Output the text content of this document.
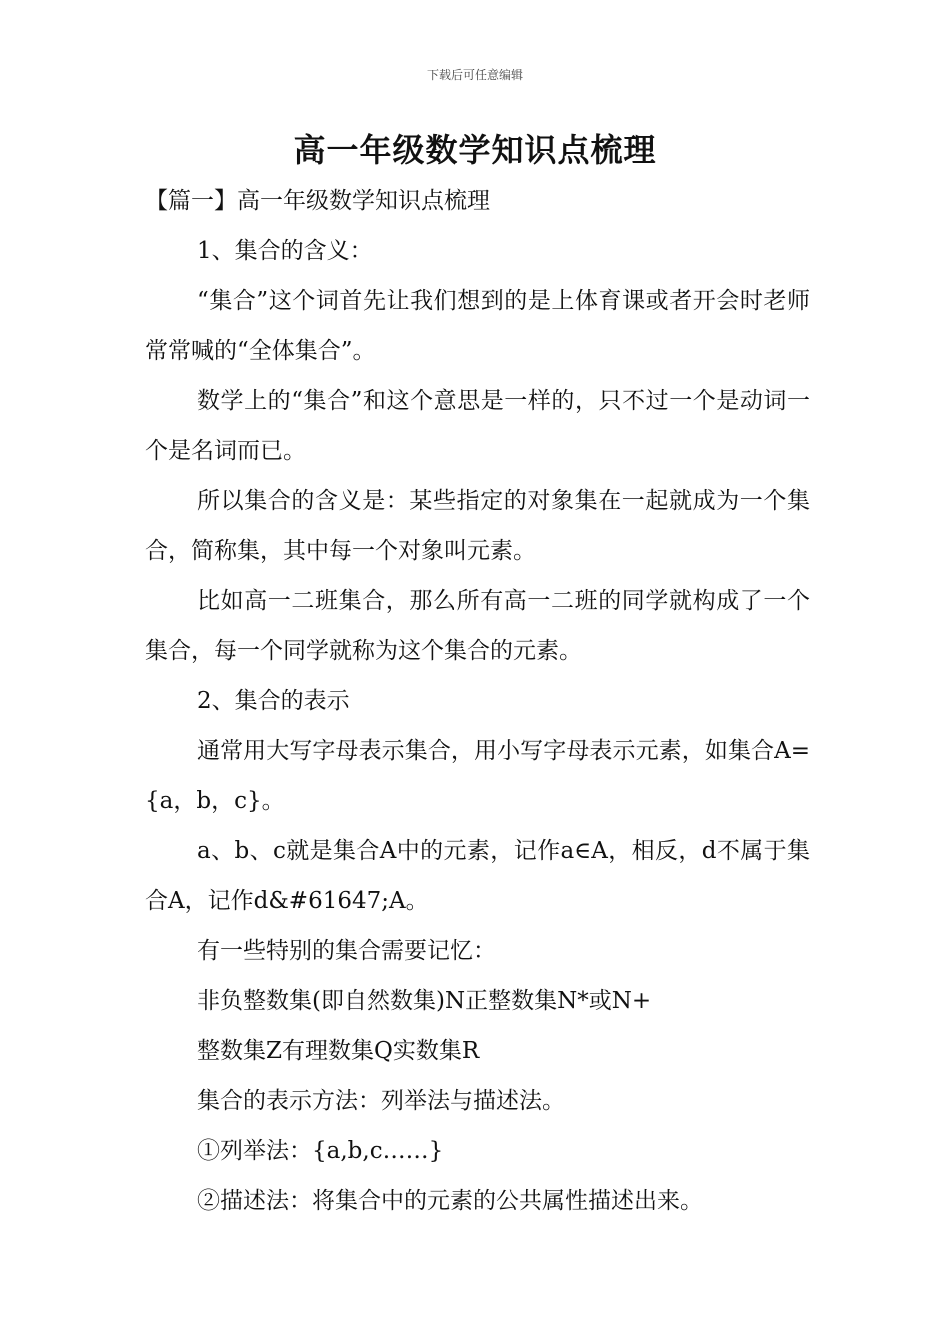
下载后可任意编辑
高一年级数学知识点梳理

【篇一】高一年级数学知识点梳理

1、集合的含义：

“集合”这个词首先让我们想到的是上体育课或者开会时老师常常喊的“全体集合”。

数学上的“集合”和这个意思是一样的，只不过一个是动词一个是名词而已。

所以集合的含义是：某些指定的对象集在一起就成为一个集合，简称集，其中每一个对象叫元素。

比如高一二班集合，那么所有高一二班的同学就构成了一个集合，每一个同学就称为这个集合的元素。

2、集合的表示

通常用大写字母表示集合，用小写字母表示元素，如集合A={a，b，c}。

a、b、c就是集合A中的元素，记作a∈A，相反，d不属于集合A，记作d&#61647;A。

有一些特别的集合需要记忆：

非负整数集(即自然数集)N正整数集N*或N+

整数集Z有理数集Q实数集R

集合的表示方法：列举法与描述法。

①列举法：{a,b,c……}

②描述法：将集合中的元素的公共属性描述出来。
